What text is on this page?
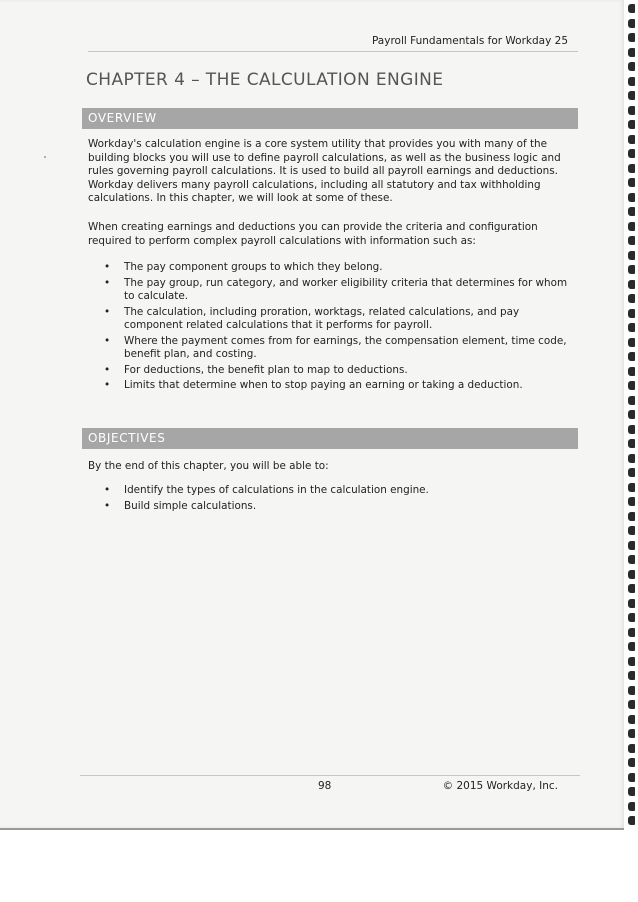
Payroll Fundamentals for Workday 25
CHAPTER 4 – THE CALCULATION ENGINE
OVERVIEW

Workday's calculation engine is a core system utility that provides you with many of the building blocks you will use to define payroll calculations, as well as the business logic and rules governing payroll calculations. It is used to build all payroll earnings and deductions. Workday delivers many payroll calculations, including all statutory and tax withholding calculations. In this chapter, we will look at some of these.

When creating earnings and deductions you can provide the criteria and configuration required to perform complex payroll calculations with information such as:

• The pay component groups to which they belong.
• The pay group, run category, and worker eligibility criteria that determines for whom to calculate.
• The calculation, including proration, worktags, related calculations, and pay component related calculations that it performs for payroll.
• Where the payment comes from for earnings, the compensation element, time code, benefit plan, and costing.
• For deductions, the benefit plan to map to deductions.
• Limits that determine when to stop paying an earning or taking a deduction.
OBJECTIVES

By the end of this chapter, you will be able to:

• Identify the types of calculations in the calculation engine.
• Build simple calculations.
98	© 2015 Workday, Inc.
